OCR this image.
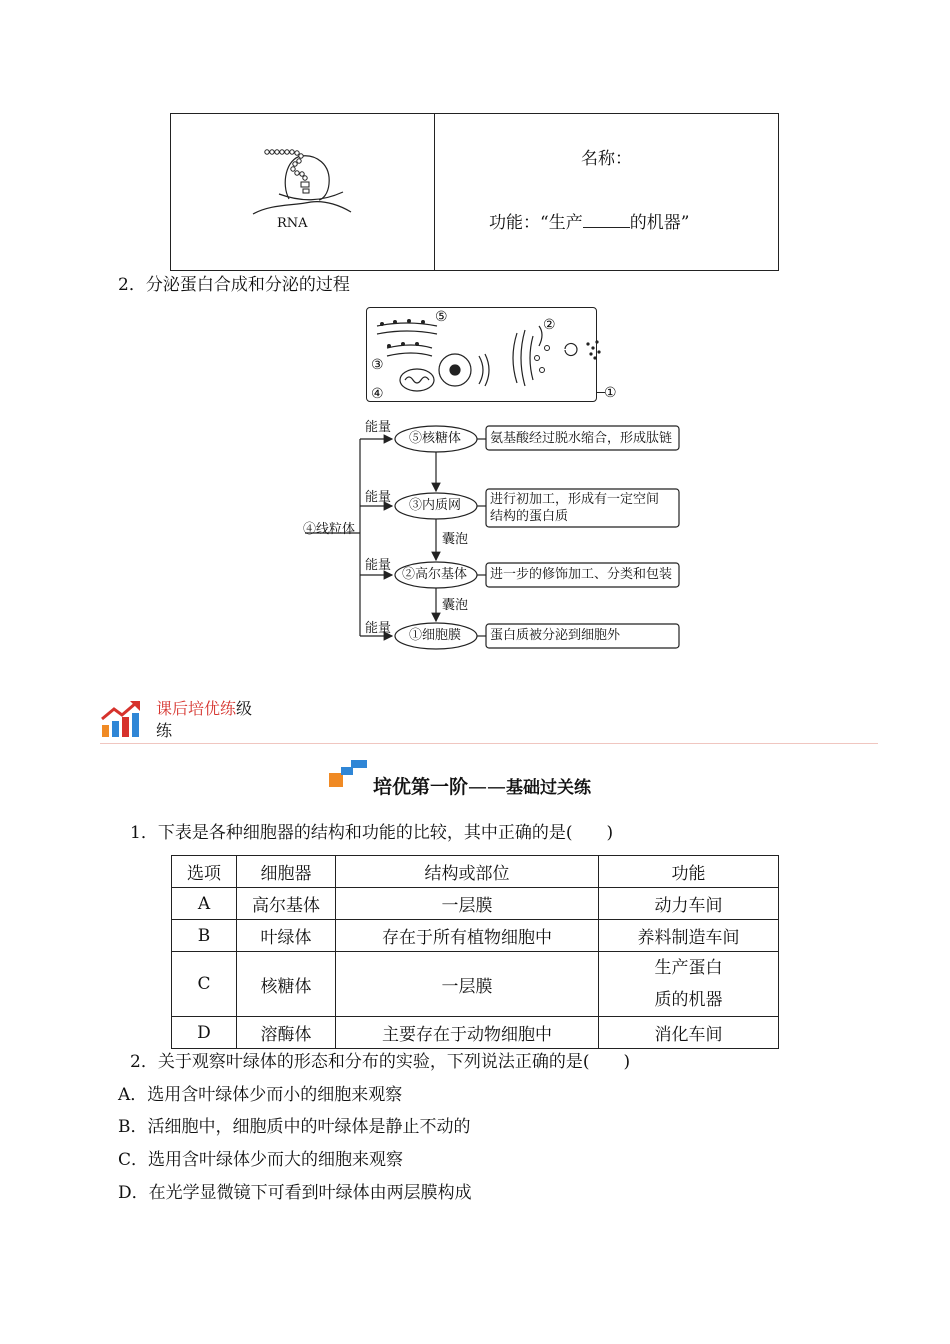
RNA
名称：
功能：“生产	的机器”
2．分泌蛋白合成和分泌的过程
⑤	②
③
④	①
能量
能量
能量
能量
④线粒体
⑤核糖体
③内质网
②高尔基体
①细胞膜
囊泡
囊泡
氨基酸经过脱水缩合，形成肽链
进行初加工，形成有一定空间
结构的蛋白质
进一步的修饰加工、分类和包装
蛋白质被分泌到细胞外
课后培优练级
练
培优第一阶——基础过关练
1．下表是各种细胞器的结构和功能的比较，其中正确的是(　　)
选项	细胞器	结构或部位	功能
A	高尔基体	一层膜	动力车间
B	叶绿体	存在于所有植物细胞中	养料制造车间
C	核糖体	一层膜	生产蛋白
质的机器

D	溶酶体	主要存在于动物细胞中	消化车间
2．关于观察叶绿体的形态和分布的实验，下列说法正确的是(　　)
A．选用含叶绿体少而小的细胞来观察
B．活细胞中，细胞质中的叶绿体是静止不动的
C．选用含叶绿体少而大的细胞来观察
D．在光学显微镜下可看到叶绿体由两层膜构成
